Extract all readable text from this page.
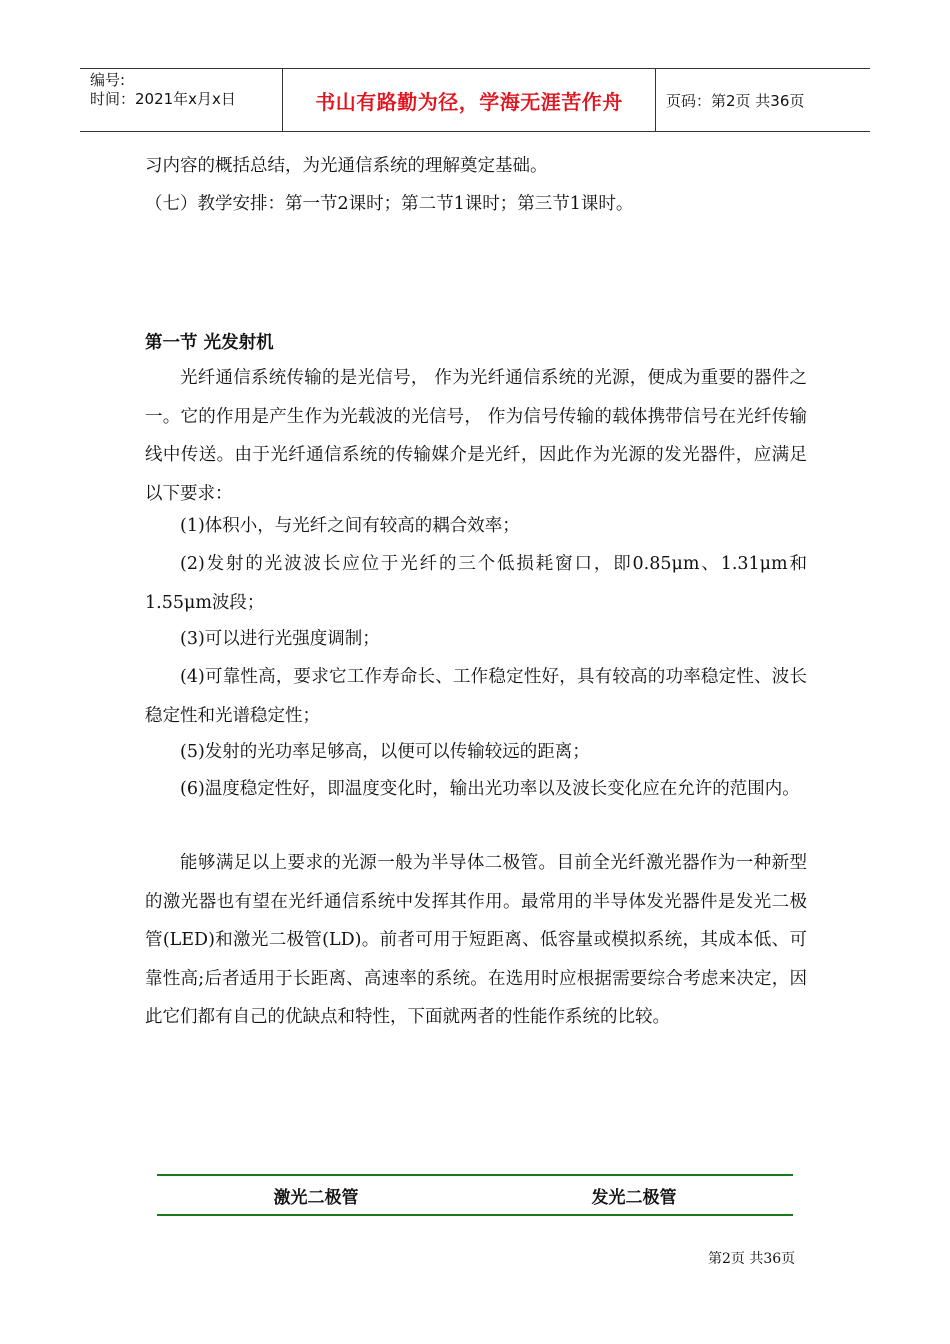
编号:
时间：2021年x月x日	书山有路勤为径，学海无涯苦作舟	页码：第2页 共36页
习内容的概括总结，为光通信系统的理解奠定基础。
（七）教学安排：第一节2课时；第二节1课时；第三节1课时。
第一节 光发射机

光纤通信系统传输的是光信号， 作为光纤通信系统的光源，便成为重要的器件之一。它的作用是产生作为光载波的光信号， 作为信号传输的载体携带信号在光纤传输线中传送。由于光纤通信系统的传输媒介是光纤，因此作为光源的发光器件，应满足以下要求：

(1)体积小，与光纤之间有较高的耦合效率；

(2)发射的光波波长应位于光纤的三个低损耗窗口，即0.85μm、1.31μm和1.55μm波段；

(3)可以进行光强度调制；

(4)可靠性高，要求它工作寿命长、工作稳定性好，具有较高的功率稳定性、波长稳定性和光谱稳定性；

(5)发射的光功率足够高，以便可以传输较远的距离；

(6)温度稳定性好，即温度变化时，输出光功率以及波长变化应在允许的范围内。

能够满足以上要求的光源一般为半导体二极管。目前全光纤激光器作为一种新型的激光器也有望在光纤通信系统中发挥其作用。最常用的半导体发光器件是发光二极管(LED)和激光二极管(LD)。前者可用于短距离、低容量或模拟系统，其成本低、可靠性高;后者适用于长距离、高速率的系统。在选用时应根据需要综合考虑来决定，因此它们都有自己的优缺点和特性，下面就两者的性能作系统的比较。

激光二极管	发光二极管
第2页 共36页
